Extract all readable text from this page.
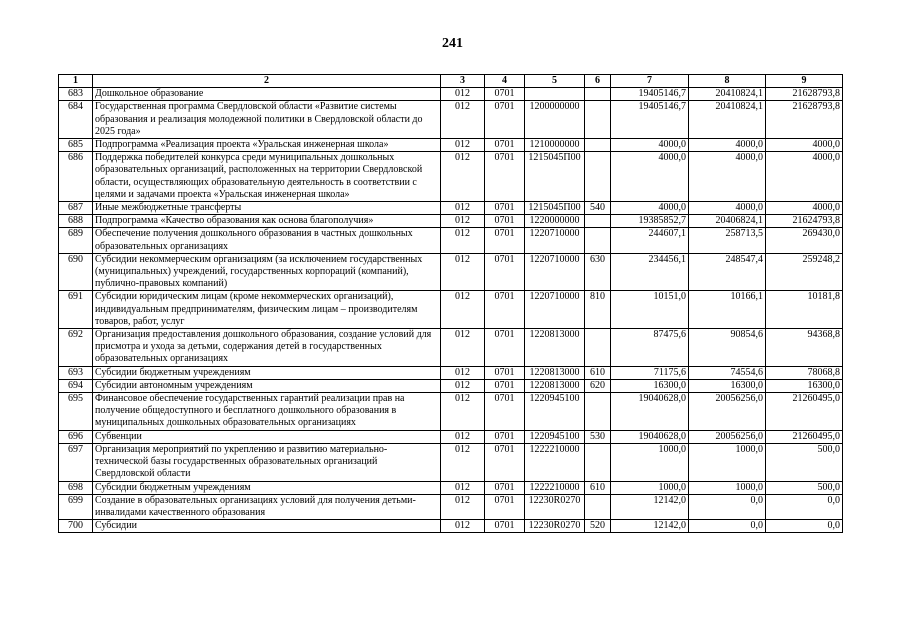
241
1	2	3	4	5	6	7	8	9
683	Дошкольное образование	012	0701			19405146,7	20410824,1	21628793,8
684	Государственная программа Свердловской области «Развитие системы образования и реализация молодежной политики в Свердловской области до 2025 года»	012	0701	1200000000		19405146,7	20410824,1	21628793,8
685	Подпрограмма «Реализация проекта «Уральская инженерная школа»	012	0701	1210000000		4000,0	4000,0	4000,0
686	Поддержка победителей конкурса среди муниципальных дошкольных образовательных организаций, расположенных на территории Свердловской области, осуществляющих образовательную деятельность в соответствии с целями и задачами проекта «Уральская инженерная школа»	012	0701	1215045П00		4000,0	4000,0	4000,0
687	Иные межбюджетные трансферты	012	0701	1215045П00	540	4000,0	4000,0	4000,0
688	Подпрограмма «Качество образования как основа благополучия»	012	0701	1220000000		19385852,7	20406824,1	21624793,8
689	Обеспечение получения дошкольного образования в частных дошкольных образовательных организациях	012	0701	1220710000		244607,1	258713,5	269430,0
690	Субсидии некоммерческим организациям (за исключением государственных (муниципальных) учреждений, государственных корпораций (компаний), публично-правовых компаний)	012	0701	1220710000	630	234456,1	248547,4	259248,2
691	Субсидии юридическим лицам (кроме некоммерческих организаций), индивидуальным предпринимателям, физическим лицам – производителям товаров, работ, услуг	012	0701	1220710000	810	10151,0	10166,1	10181,8
692	Организация предоставления дошкольного образования, создание условий для присмотра и ухода за детьми, содержания детей в государственных образовательных организациях	012	0701	1220813000		87475,6	90854,6	94368,8
693	Субсидии бюджетным учреждениям	012	0701	1220813000	610	71175,6	74554,6	78068,8
694	Субсидии автономным учреждениям	012	0701	1220813000	620	16300,0	16300,0	16300,0
695	Финансовое обеспечение государственных гарантий реализации прав на получение общедоступного и бесплатного дошкольного образования в муниципальных дошкольных образовательных организациях	012	0701	1220945100		19040628,0	20056256,0	21260495,0
696	Субвенции	012	0701	1220945100	530	19040628,0	20056256,0	21260495,0
697	Организация мероприятий по укреплению и развитию материально-технической базы государственных образовательных организаций Свердловской области	012	0701	1222210000		1000,0	1000,0	500,0
698	Субсидии бюджетным учреждениям	012	0701	1222210000	610	1000,0	1000,0	500,0
699	Создание в образовательных организациях условий для получения детьми-инвалидами качественного образования	012	0701	12230R0270		12142,0	0,0	0,0
700	Субсидии	012	0701	12230R0270	520	12142,0	0,0	0,0
